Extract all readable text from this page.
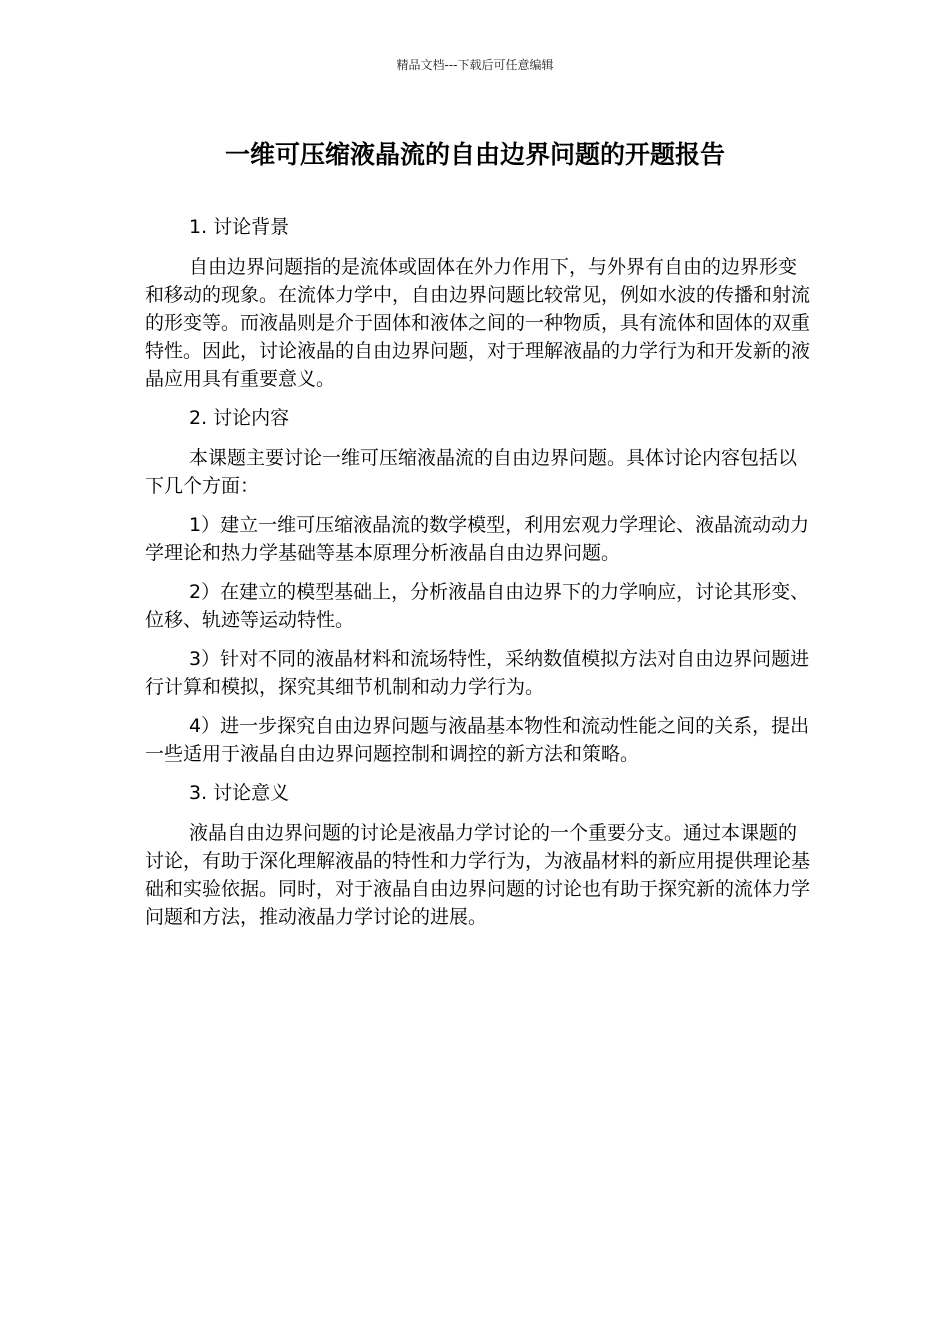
精品文档---下载后可任意编辑
一维可压缩液晶流的自由边界问题的开题报告

1. 讨论背景

自由边界问题指的是流体或固体在外力作用下，与外界有自由的边界形变和移动的现象。在流体力学中，自由边界问题比较常见，例如水波的传播和射流的形变等。而液晶则是介于固体和液体之间的一种物质，具有流体和固体的双重特性。因此，讨论液晶的自由边界问题，对于理解液晶的力学行为和开发新的液晶应用具有重要意义。

2. 讨论内容

本课题主要讨论一维可压缩液晶流的自由边界问题。具体讨论内容包括以下几个方面：

1）建立一维可压缩液晶流的数学模型，利用宏观力学理论、液晶流动动力学理论和热力学基础等基本原理分析液晶自由边界问题。

2）在建立的模型基础上，分析液晶自由边界下的力学响应，讨论其形变、位移、轨迹等运动特性。

3）针对不同的液晶材料和流场特性，采纳数值模拟方法对自由边界问题进行计算和模拟，探究其细节机制和动力学行为。

4）进一步探究自由边界问题与液晶基本物性和流动性能之间的关系，提出一些适用于液晶自由边界问题控制和调控的新方法和策略。

3. 讨论意义

液晶自由边界问题的讨论是液晶力学讨论的一个重要分支。通过本课题的讨论，有助于深化理解液晶的特性和力学行为，为液晶材料的新应用提供理论基础和实验依据。同时，对于液晶自由边界问题的讨论也有助于探究新的流体力学问题和方法，推动液晶力学讨论的进展。
